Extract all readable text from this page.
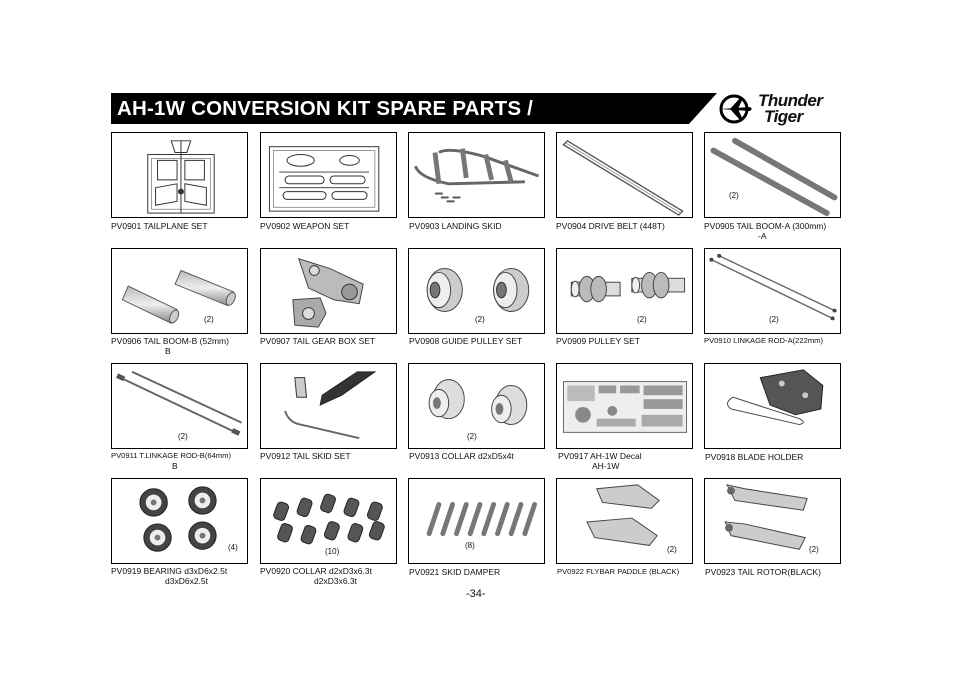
AH-1W CONVERSION KIT SPARE PARTS /	Thunder
Tiger
(2)
PV0901 TAILPLANE SET	PV0902 WEAPON SET	PV0903 LANDING SKID	PV0904 DRIVE BELT (448T)	PV0905 TAIL BOOM-A (300mm)
-A
(2)	(2)	(2)	(2)
PV0906 TAIL BOOM-B (52mm)
B
PV0907 TAIL GEAR BOX SET	PV0908 GUIDE PULLEY SET	PV0909 PULLEY SET	PV0910 LINKAGE ROD-A(222mm)
(2)	(2)
PV0911 T.LINKAGE ROD-B(64mm)
B
PV0912 TAIL SKID SET	PV0913 COLLAR d2xD5x4t	PV0917 AH-1W Decal
AH-1W
PV0918 BLADE HOLDER
(4)	(10)
(8)	(2)	(2)
PV0919 BEARING d3xD6x2.5t
d3xD6x2.5t
PV0920 COLLAR d2xD3x6.3t
d2xD3x6.3t
PV0921 SKID DAMPER	PV0922 FLYBAR PADDLE (BLACK)	PV0923 TAIL ROTOR(BLACK)
-34-
